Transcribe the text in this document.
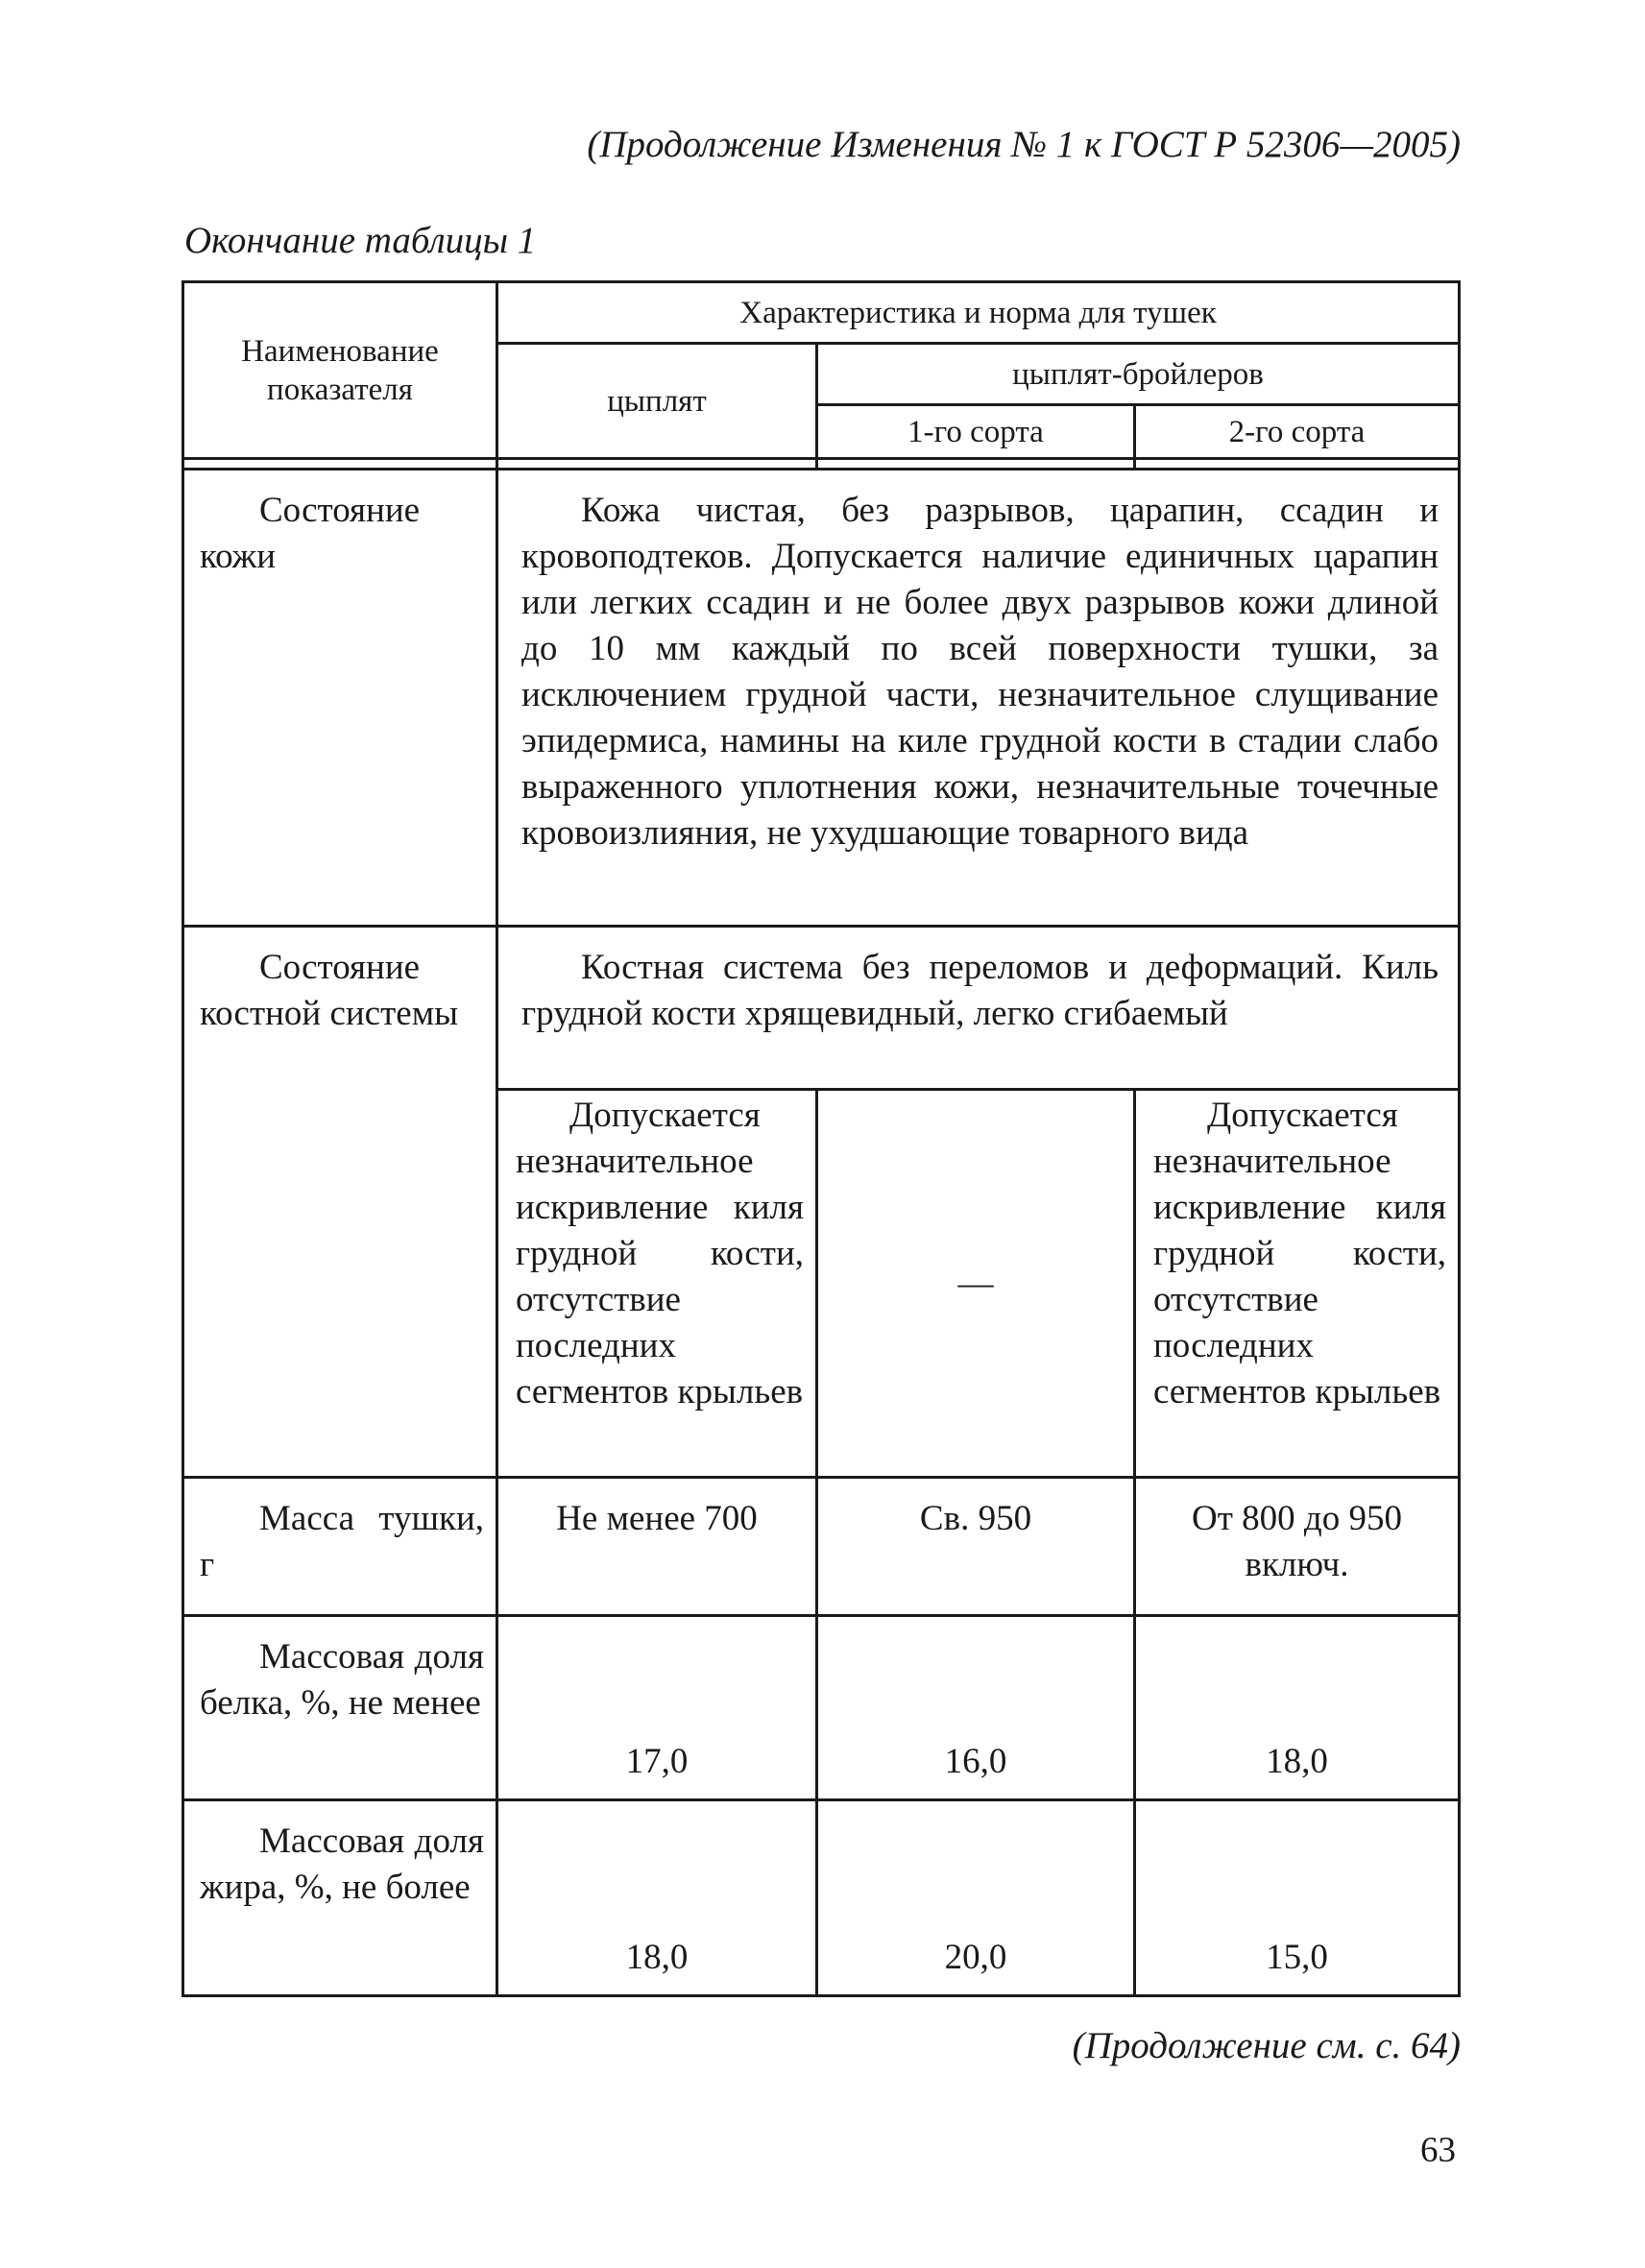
(Продолжение Изменения № 1 к ГОСТ Р 52306—2005)
Окончание таблицы 1
Наименование показателя	Характеристика и норма для тушек		
	цыплят	цыплят-бройлеров	
		1-го сорта	2-го сорта

Состояние кожи	Кожа чистая, без разрывов, царапин, ссадин и кровоподтеков. Допускается наличие единичных царапин или легких ссадин и не более двух разрывов кожи длиной до 10 мм каждый по всей поверхности тушки, за исключением грудной части, незначительное слущивание эпидермиса, намины на киле грудной кости в стадии слабо выраженного уплотнения кожи, незначительные точечные кровоизлияния, не ухудшающие товарного вида		
Состояние костной системы	Костная система без переломов и деформаций. Киль грудной кости хрящевидный, легко сгибаемый		
	Допускается незначительное искривление киля грудной кости, отсутствие последних сегментов крыльев	—	Допускается незначительное искривление киля грудной кости, отсутствие последних сегментов крыльев
Масса тушки, г	Не менее 700	Св. 950	От 800 до 950 включ.
Массовая доля белка, %, не менее	17,0	16,0	18,0
Массовая доля жира, %, не более	18,0	20,0	15,0
(Продолжение см. с. 64)
63
